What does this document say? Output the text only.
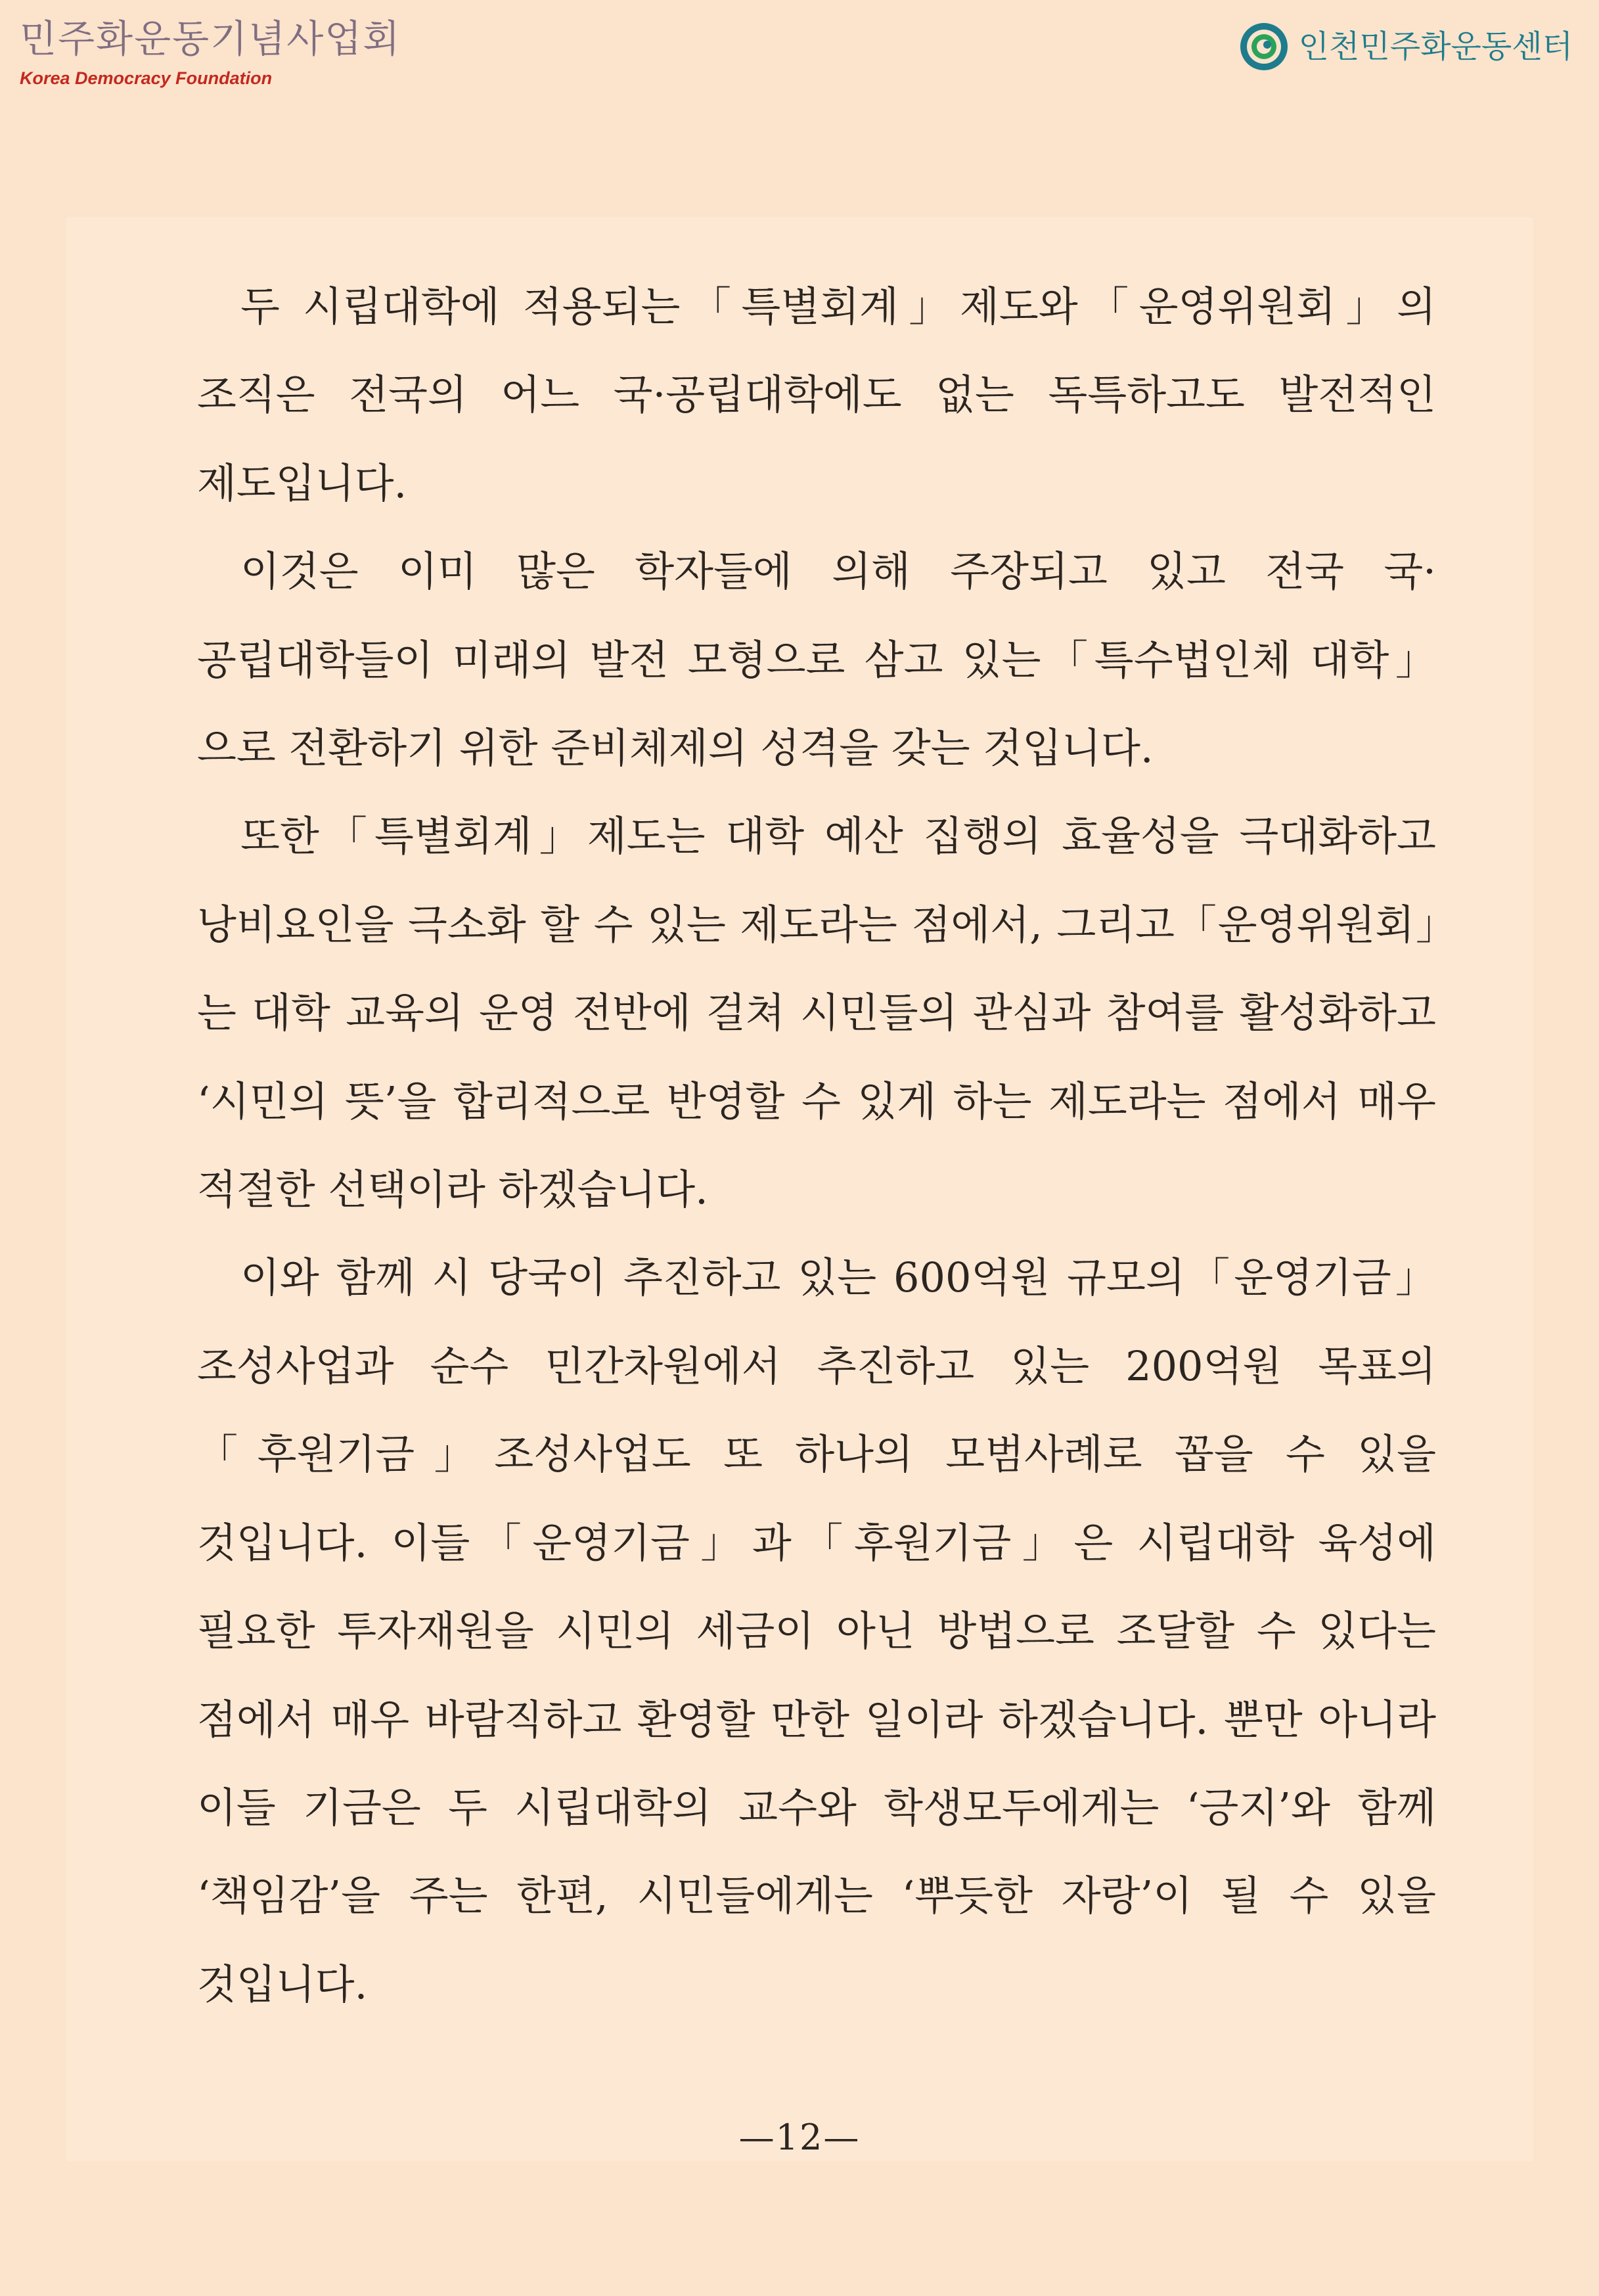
민주화운동기념사업회
Korea Democracy Foundation
인천민주화운동센터

두 시립대학에 적용되는「특별회계」제도와「운영위원회」의 조직은 전국의 어느 국·공립대학에도 없는 독특하고도 발전적인 제도입니다.

이것은 이미 많은 학자들에 의해 주장되고 있고 전국 국·공립대학들이 미래의 발전 모형으로 삼고 있는「특수법인체 대학」으로 전환하기 위한 준비체제의 성격을 갖는 것입니다.

또한「특별회계」제도는 대학 예산 집행의 효율성을 극대화하고 낭비요인을 극소화 할 수 있는 제도라는 점에서, 그리고「운영위원회」는 대학 교육의 운영 전반에 걸쳐 시민들의 관심과 참여를 활성화하고 ‘시민의 뜻’을 합리적으로 반영할 수 있게 하는 제도라는 점에서 매우 적절한 선택이라 하겠습니다.

이와 함께 시 당국이 추진하고 있는 600억원 규모의「운영기금」조성사업과 순수 민간차원에서 추진하고 있는 200억원 목표의「후원기금」조성사업도 또 하나의 모범사례로 꼽을 수 있을 것입니다. 이들「운영기금」과「후원기금」은 시립대학 육성에 필요한 투자재원을 시민의 세금이 아닌 방법으로 조달할 수 있다는 점에서 매우 바람직하고 환영할 만한 일이라 하겠습니다. 뿐만 아니라 이들 기금은 두 시립대학의 교수와 학생모두에게는 ‘긍지’와 함께 ‘책임감’을 주는 한편, 시민들에게는 ‘뿌듯한 자랑’이 될 수 있을 것입니다.

—12—
